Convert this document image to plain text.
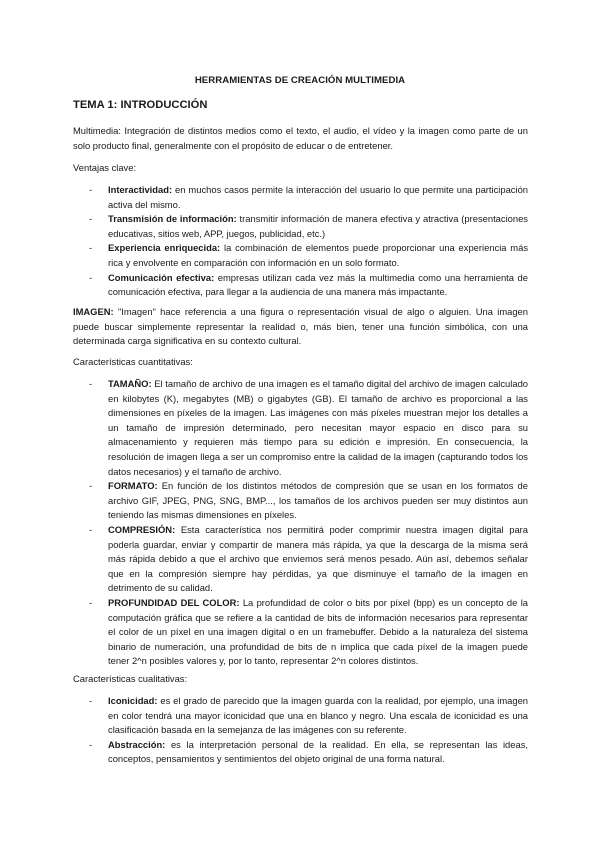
HERRAMIENTAS DE CREACIÓN MULTIMEDIA
TEMA 1: INTRODUCCIÓN
Multimedia: Integración de distintos medios como el texto, el audio, el vídeo y la imagen como parte de un solo producto final, generalmente con el propósito de educar o de entretener.
Ventajas clave:
- Interactividad: en muchos casos permite la interacción del usuario lo que permite una participación activa del mismo.
- Transmisión de información: transmitir información de manera efectiva y atractiva (presentaciones educativas, sitios web, APP, juegos, publicidad, etc.)
- Experiencia enriquecida: la combinación de elementos puede proporcionar una experiencia más rica y envolvente en comparación con información en un solo formato.
- Comunicación efectiva: empresas utilizan cada vez más la multimedia como una herramienta de comunicación efectiva, para llegar a la audiencia de una manera más impactante.
IMAGEN: "Imagen" hace referencia a una figura o representación visual de algo o alguien. Una imagen puede buscar simplemente representar la realidad o, más bien, tener una función simbólica, con una determinada carga significativa en su contexto cultural.
Características cuantitativas:
- TAMAÑO: El tamaño de archivo de una imagen es el tamaño digital del archivo de imagen calculado en kilobytes (K), megabytes (MB) o gigabytes (GB). El tamaño de archivo es proporcional a las dimensiones en píxeles de la imagen. Las imágenes con más píxeles muestran mejor los detalles a un tamaño de impresión determinado, pero necesitan mayor espacio en disco para su almacenamiento y requieren más tiempo para su edición e impresión. En consecuencia, la resolución de imagen llega a ser un compromiso entre la calidad de la imagen (capturando todos los datos necesarios) y el tamaño de archivo.
- FORMATO: En función de los distintos métodos de compresión que se usan en los formatos de archivo GIF, JPEG, PNG, SNG, BMP..., los tamaños de los archivos pueden ser muy distintos aun teniendo las mismas dimensiones en píxeles.
- COMPRESIÓN: Esta característica nos permitirá poder comprimir nuestra imagen digital para poderla guardar, enviar y compartir de manera más rápida, ya que la descarga de la misma será más rápida debido a que el archivo que enviemos será menos pesado. Aún así, debemos señalar que en la compresión siempre hay pérdidas, ya que disminuye el tamaño de la imagen en detrimento de su calidad.
- PROFUNDIDAD DEL COLOR: La profundidad de color o bits por píxel (bpp) es un concepto de la computación gráfica que se refiere a la cantidad de bits de información necesarios para representar el color de un píxel en una imagen digital o en un framebuffer. Debido a la naturaleza del sistema binario de numeración, una profundidad de bits de n implica que cada píxel de la imagen puede tener 2^n posibles valores y, por lo tanto, representar 2^n colores distintos.
Características cualitativas:
- Iconicidad: es el grado de parecido que la imagen guarda con la realidad, por ejemplo, una imagen en color tendrá una mayor iconicidad que una en blanco y negro. Una escala de iconicidad es una clasificación basada en la semejanza de las imágenes con su referente.
- Abstracción: es la interpretación personal de la realidad. En ella, se representan las ideas, conceptos, pensamientos y sentimientos del objeto original de una forma natural.
